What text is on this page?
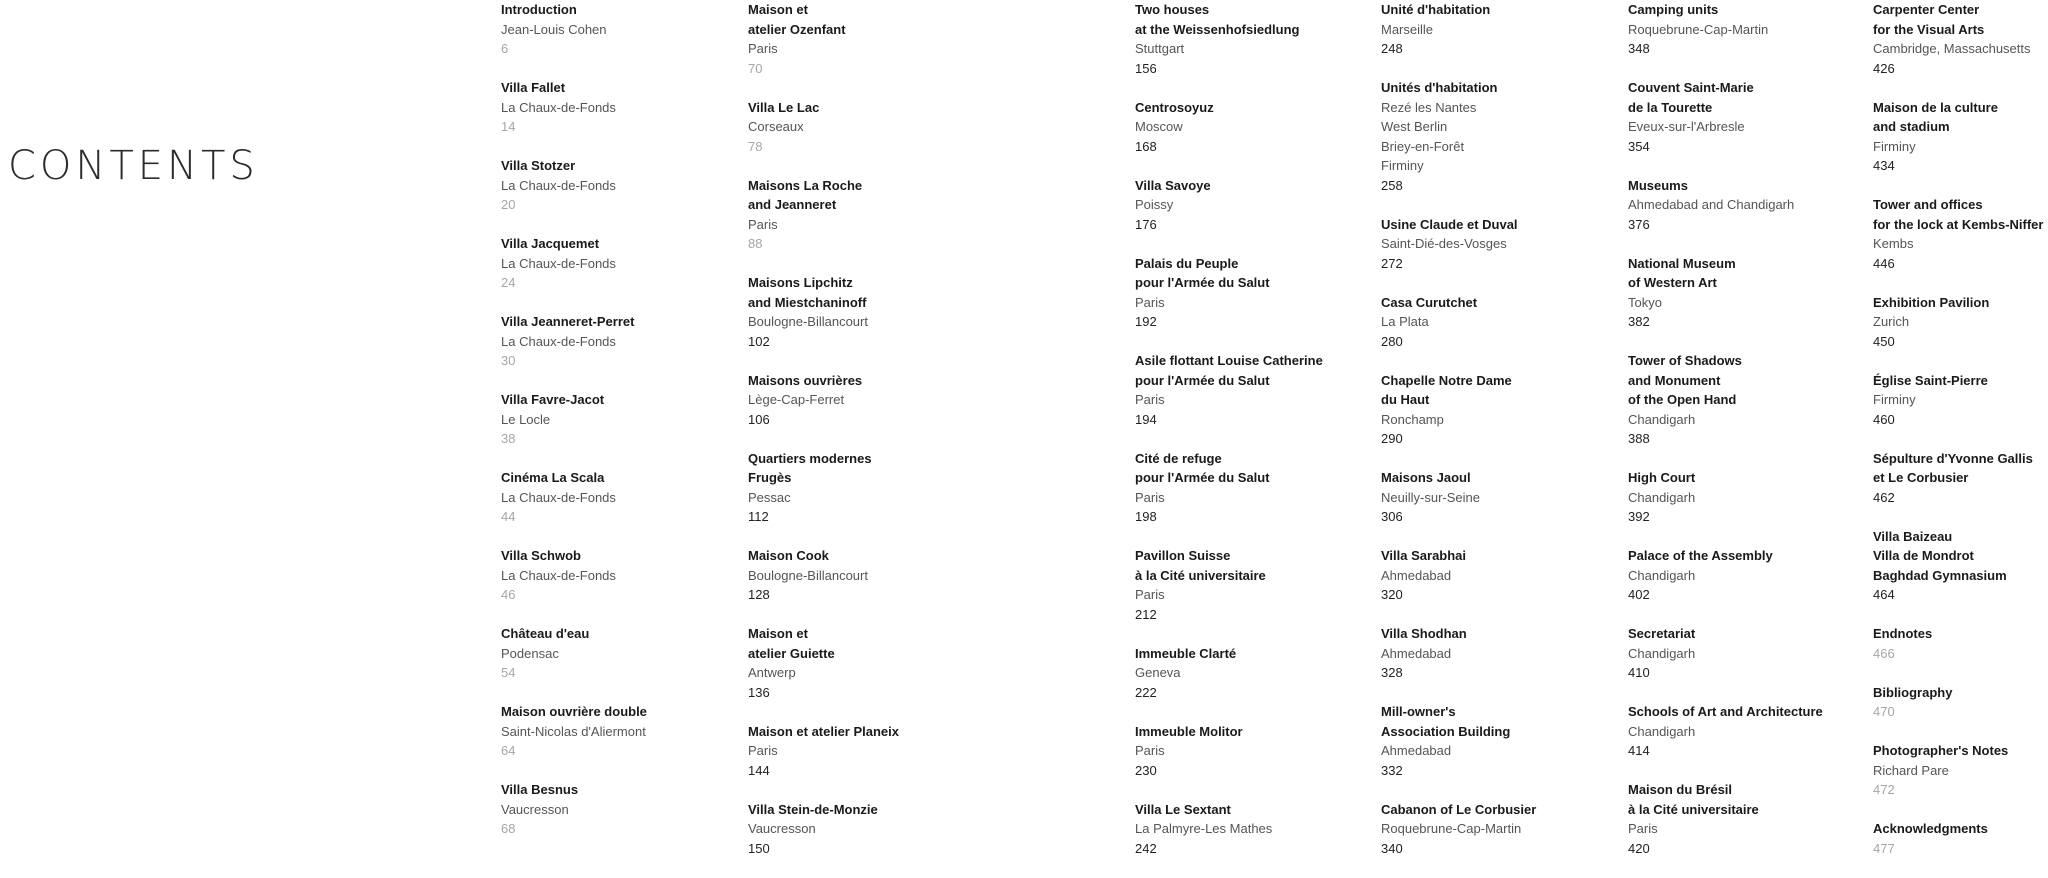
CONTENTS
Introduction
Jean-Louis Cohen
6
Villa Fallet
La Chaux-de-Fonds
14
Villa Stotzer
La Chaux-de-Fonds
20
Villa Jacquemet
La Chaux-de-Fonds
24
Villa Jeanneret-Perret
La Chaux-de-Fonds
30
Villa Favre-Jacot
Le Locle
38
Cinéma La Scala
La Chaux-de-Fonds
44
Villa Schwob
La Chaux-de-Fonds
46
Château d'eau
Podensac
54
Maison ouvrière double
Saint-Nicolas d'Aliermont
64
Villa Besnus
Vaucresson
68
Maison et
atelier Ozenfant
Paris
70
Villa Le Lac
Corseaux
78
Maisons La Roche
and Jeanneret
Paris
88
Maisons Lipchitz
and Miestchaninoff
Boulogne-Billancourt
102
Maisons ouvrières
Lège-Cap-Ferret
106
Quartiers modernes
Frugès
Pessac
112
Maison Cook
Boulogne-Billancourt
128
Maison et
atelier Guiette
Antwerp
136
Maison et atelier Planeix
Paris
144
Villa Stein-de-Monzie
Vaucresson
150
Two houses
at the Weissenhofsiedlung
Stuttgart
156
Centrosoyuz
Moscow
168
Villa Savoye
Poissy
176
Palais du Peuple
pour l'Armée du Salut
Paris
192
Asile flottant Louise Catherine
pour l'Armée du Salut
Paris
194
Cité de refuge
pour l'Armée du Salut
Paris
198
Pavillon Suisse
à la Cité universitaire
Paris
212
Immeuble Clarté
Geneva
222
Immeuble Molitor
Paris
230
Villa Le Sextant
La Palmyre-Les Mathes
242
Unité d'habitation
Marseille
248
Unités d'habitation
Rezé les Nantes
West Berlin
Briey-en-Forêt
Firminy
258
Usine Claude et Duval
Saint-Dié-des-Vosges
272
Casa Curutchet
La Plata
280
Chapelle Notre Dame
du Haut
Ronchamp
290
Maisons Jaoul
Neuilly-sur-Seine
306
Villa Sarabhai
Ahmedabad
320
Villa Shodhan
Ahmedabad
328
Mill-owner's
Association Building
Ahmedabad
332
Cabanon of Le Corbusier
Roquebrune-Cap-Martin
340
Camping units
Roquebrune-Cap-Martin
348
Couvent Saint-Marie
de la Tourette
Eveux-sur-l'Arbresle
354
Museums
Ahmedabad and Chandigarh
376
National Museum
of Western Art
Tokyo
382
Tower of Shadows
and Monument
of the Open Hand
Chandigarh
388
High Court
Chandigarh
392
Palace of the Assembly
Chandigarh
402
Secretariat
Chandigarh
410
Schools of Art and Architecture
Chandigarh
414
Maison du Brésil
à la Cité universitaire
Paris
420
Carpenter Center
for the Visual Arts
Cambridge, Massachusetts
426
Maison de la culture
and stadium
Firminy
434
Tower and offices
for the lock at Kembs-Niffer
Kembs
446
Exhibition Pavilion
Zurich
450
Église Saint-Pierre
Firminy
460
Sépulture d'Yvonne Gallis
et Le Corbusier
462
Villa Baizeau
Villa de Mondrot
Baghdad Gymnasium
464
Endnotes
466
Bibliography
470
Photographer's Notes
Richard Pare
472
Acknowledgments
477
